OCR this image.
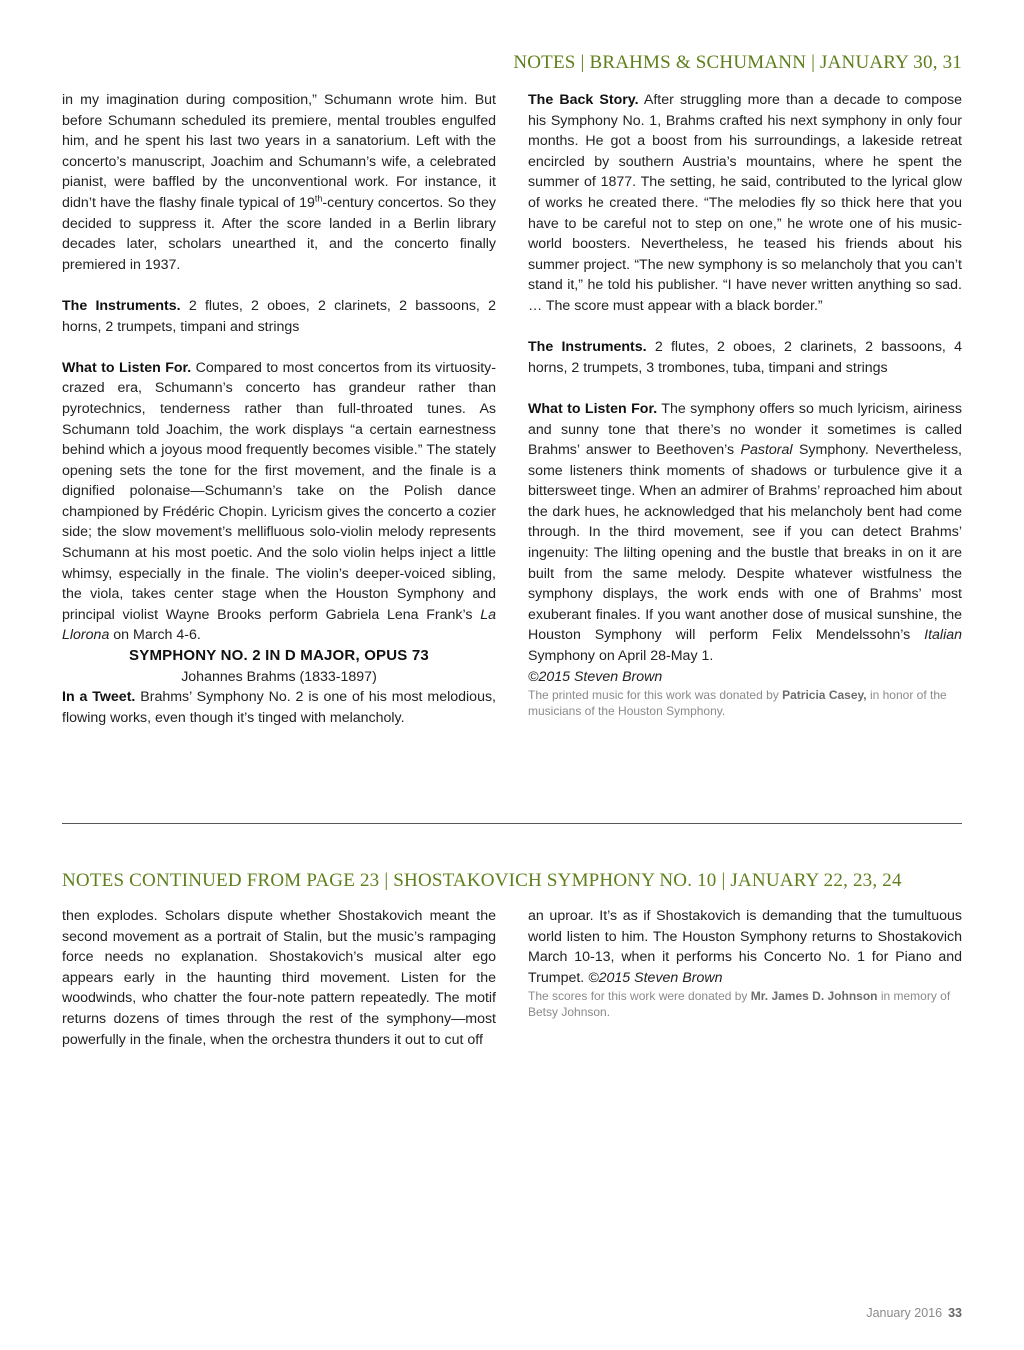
NOTES | BRAHMS & SCHUMANN | JANUARY 30, 31

in my imagination during composition,” Schumann wrote him. But before Schumann scheduled its premiere, mental troubles engulfed him, and he spent his last two years in a sanatorium. Left with the concerto’s manuscript, Joachim and Schumann’s wife, a celebrated pianist, were baffled by the unconventional work. For instance, it didn’t have the flashy finale typical of 19th-century concertos. So they decided to suppress it. After the score landed in a Berlin library decades later, scholars unearthed it, and the concerto finally premiered in 1937.

The Instruments. 2 flutes, 2 oboes, 2 clarinets, 2 bassoons, 2 horns, 2 trumpets, timpani and strings

What to Listen For. Compared to most concertos from its virtuosity-crazed era, Schumann’s concerto has grandeur rather than pyrotechnics, tenderness rather than full-throated tunes. As Schumann told Joachim, the work displays “a certain earnestness behind which a joyous mood frequently becomes visible.” The stately opening sets the tone for the first movement, and the finale is a dignified polonaise—Schumann’s take on the Polish dance championed by Frédéric Chopin. Lyricism gives the concerto a cozier side; the slow movement’s mellifluous solo-violin melody represents Schumann at his most poetic. And the solo violin helps inject a little whimsy, especially in the finale. The violin’s deeper-voiced sibling, the viola, takes center stage when the Houston Symphony and principal violist Wayne Brooks perform Gabriela Lena Frank’s La Llorona on March 4-6.

SYMPHONY NO. 2 IN D MAJOR, OPUS 73

Johannes Brahms (1833-1897)

In a Tweet. Brahms’ Symphony No. 2 is one of his most melodious, flowing works, even though it’s tinged with melancholy.

The Back Story. After struggling more than a decade to compose his Symphony No. 1, Brahms crafted his next symphony in only four months. He got a boost from his surroundings, a lakeside retreat encircled by southern Austria’s mountains, where he spent the summer of 1877. The setting, he said, contributed to the lyrical glow of works he created there. “The melodies fly so thick here that you have to be careful not to step on one,” he wrote one of his music-world boosters. Nevertheless, he teased his friends about his summer project. “The new symphony is so melancholy that you can’t stand it,” he told his publisher. “I have never written anything so sad. … The score must appear with a black border.”

The Instruments. 2 flutes, 2 oboes, 2 clarinets, 2 bassoons, 4 horns, 2 trumpets, 3 trombones, tuba, timpani and strings

What to Listen For. The symphony offers so much lyricism, airiness and sunny tone that there’s no wonder it sometimes is called Brahms’ answer to Beethoven’s Pastoral Symphony. Nevertheless, some listeners think moments of shadows or turbulence give it a bittersweet tinge. When an admirer of Brahms’ reproached him about the dark hues, he acknowledged that his melancholy bent had come through. In the third movement, see if you can detect Brahms’ ingenuity: The lilting opening and the bustle that breaks in on it are built from the same melody. Despite whatever wistfulness the symphony displays, the work ends with one of Brahms’ most exuberant finales. If you want another dose of musical sunshine, the Houston Symphony will perform Felix Mendelssohn’s Italian Symphony on April 28-May 1.

©2015 Steven Brown

The printed music for this work was donated by Patricia Casey, in honor of the musicians of the Houston Symphony.

NOTES CONTINUED FROM PAGE 23 | SHOSTAKOVICH SYMPHONY NO. 10 | JANUARY 22, 23, 24

then explodes. Scholars dispute whether Shostakovich meant the second movement as a portrait of Stalin, but the music’s rampaging force needs no explanation. Shostakovich’s musical alter ego appears early in the haunting third movement. Listen for the woodwinds, who chatter the four-note pattern repeatedly. The motif returns dozens of times through the rest of the symphony—most powerfully in the finale, when the orchestra thunders it out to cut off

an uproar. It’s as if Shostakovich is demanding that the tumultuous world listen to him. The Houston Symphony returns to Shostakovich March 10-13, when it performs his Concerto No. 1 for Piano and Trumpet. ©2015 Steven Brown

The scores for this work were donated by Mr. James D. Johnson in memory of Betsy Johnson.

January 2016 33
